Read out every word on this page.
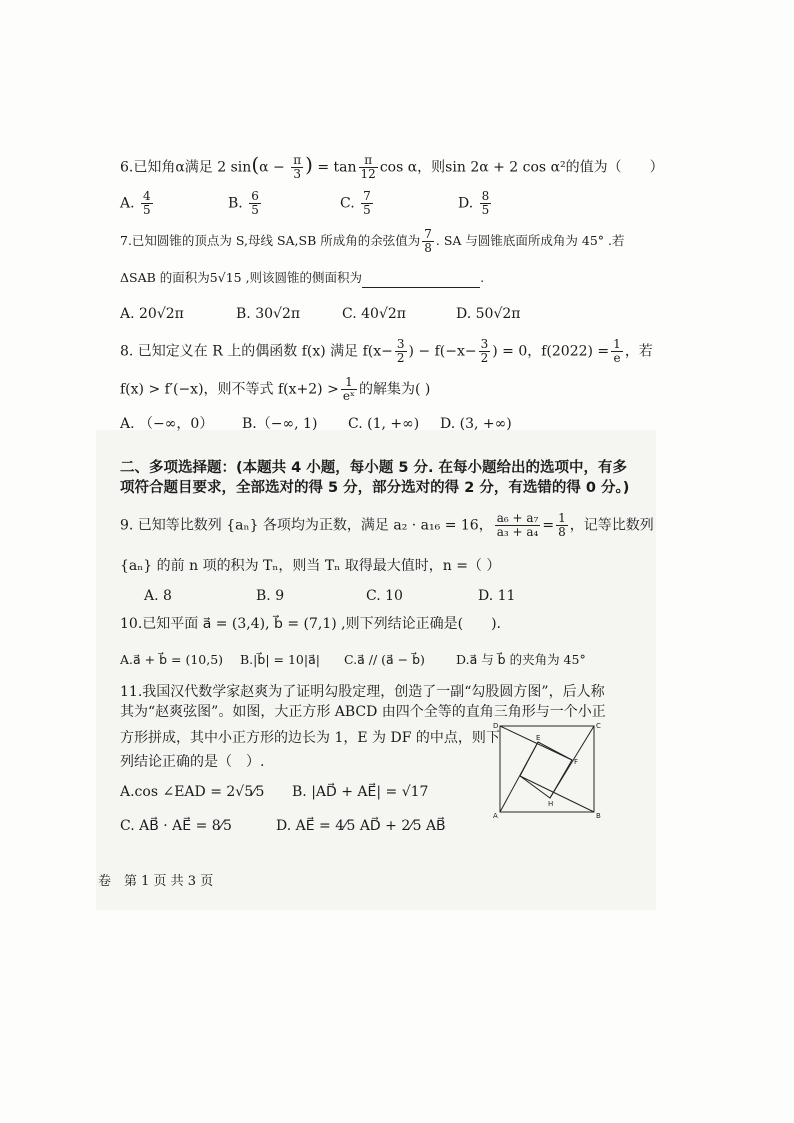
6.已知角α满足 2 $\sin(\alpha - \frac{\pi}{3}$ ) = $\tan \frac{\pi}{12}$ cos α，则sin 2α + 2 cos α²的值为（　　）
A. $\frac{4}{5}$	B. $\frac{6}{5}$	C. $\frac{7}{5}$	D. $\frac{8}{5}$
7.已知圆锥的顶点为 S,母线 SA,SB 所成角的余弦值为 $\frac{7}{8}$ . SA 与圆锥底面所成角为 45° .若
ΔSAB 的面积为5√15 ,则该圆锥的侧面积为	.
A. 20√2π	B. 30√2π	C. 40√2π	D. 50√2π
8. 已知定义在 R 上的偶函数 f(x) 满足 $f(x- \frac{3}{2}$ ) − $f(-x- \frac{3}{2}$ ) = 0，$f(2022) = \frac{1}{e}$ ，若
f(x) > f′(−x)，则不等式 $f(x+2) > \frac{1}{\text{eˣ}}$ 的解集为( )
A. （−∞，0） B.（−∞, 1) C. (1, +∞) D. (3, +∞)
二、多项选择题：(本题共 4 小题，每小题 5 分. 在每小题给出的选项中，有多
项符合题目要求，全部选对的得 5 分，部分选对的得 2 分，有选错的得 0 分。)
9. 已知等比数列 {aₙ} 各项均为正数，满足 a₂ · a₁₆ = 16， $\frac{\text{a₆ + a₇}}{\text{a₃ + a₄}} = \frac{1}{8}$ ，记等比数列
{aₙ} 的前 n 项的积为 Tₙ，则当 Tₙ 取得最大值时，n =（ ）
A. 8	B. 9	C. 10	D. 11
10.已知平面 a⃗ = (3,4), b⃗ = (7,1) ,则下列结论正确是(　　).
A.a⃗ + b⃗ = (10,5) B.|b⃗| = 10|a⃗| C.a⃗ // (a⃗ − b⃗) D.a⃗ 与 b⃗ 的夹角为 45°
11.我国汉代数学家赵爽为了证明勾股定理，创造了一副“勾股圆方图”，后人称
其为“赵爽弦图”。如图，大正方形 ABCD 由四个全等的直角三角形与一个小正
方形拼成，其中小正方形的边长为 1，E 为 DF 的中点，则下
列结论正确的是（　）.
A.cos ∠EAD = 2√5⁄5 B. |AD⃗ + AE⃗| = √17
C. AB⃗ · AE⃗ = 8⁄5	D. AE⃗ = 4⁄5 AD⃗ + 2⁄5 AB⃗
D	C
A	B
E
F
H
卷　第 1 页 共 3 页
